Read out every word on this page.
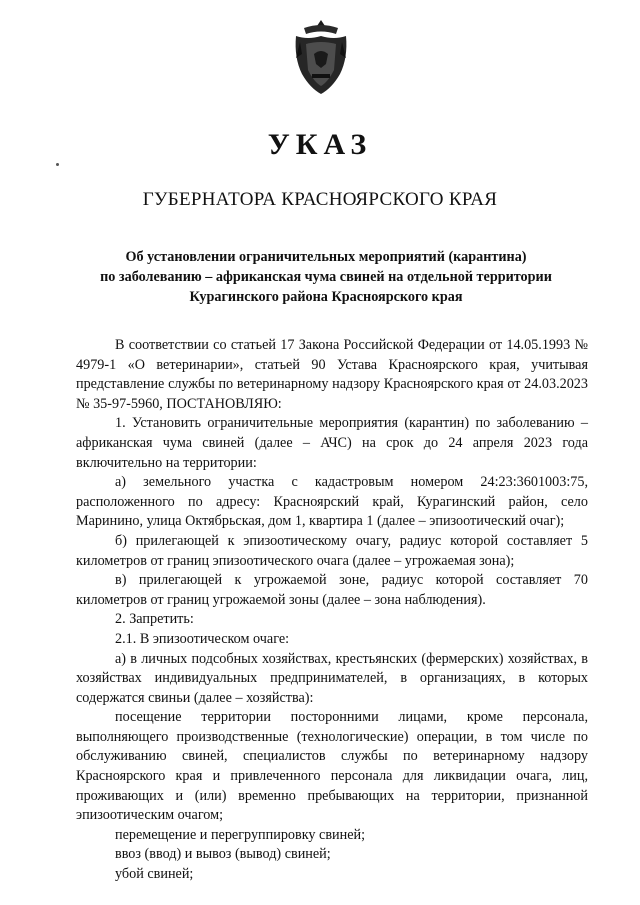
УКАЗ
ГУБЕРНАТОРА КРАСНОЯРСКОГО КРАЯ
Об установлении ограничительных мероприятий (карантина)
по заболеванию – африканская чума свиней на отдельной территории
Курагинского района Красноярского края

В соответствии со статьей 17 Закона Российской Федерации от 14.05.1993 № 4979-1 «О ветеринарии», статьей 90 Устава Красноярского края, учитывая представление службы по ветеринарному надзору Красноярского края от 24.03.2023 № 35-97-5960, ПОСТАНОВЛЯЮ:

1. Установить ограничительные мероприятия (карантин) по заболеванию – африканская чума свиней (далее – АЧС) на срок до 24 апреля 2023 года включительно на территории:

а) земельного участка с кадастровым номером 24:23:3601003:75, расположенного по адресу: Красноярский край, Курагинский район, село Маринино, улица Октябрьская, дом 1, квартира 1 (далее – эпизоотический очаг);

б) прилегающей к эпизоотическому очагу, радиус которой составляет 5 километров от границ эпизоотического очага (далее – угрожаемая зона);

в) прилегающей к угрожаемой зоне, радиус которой составляет 70 километров от границ угрожаемой зоны (далее – зона наблюдения).

2. Запретить:

2.1. В эпизоотическом очаге:

а) в личных подсобных хозяйствах, крестьянских (фермерских) хозяйствах, в хозяйствах индивидуальных предпринимателей, в организациях, в которых содержатся свиньи (далее – хозяйства):

посещение территории посторонними лицами, кроме персонала, выполняющего производственные (технологические) операции, в том числе по обслуживанию свиней, специалистов службы по ветеринарному надзору Красноярского края и привлеченного персонала для ликвидации очага, лиц, проживающих и (или) временно пребывающих на территории, признанной эпизоотическим очагом;

перемещение и перегруппировку свиней;

ввоз (ввод) и вывоз (вывод) свиней;

убой свиней;
